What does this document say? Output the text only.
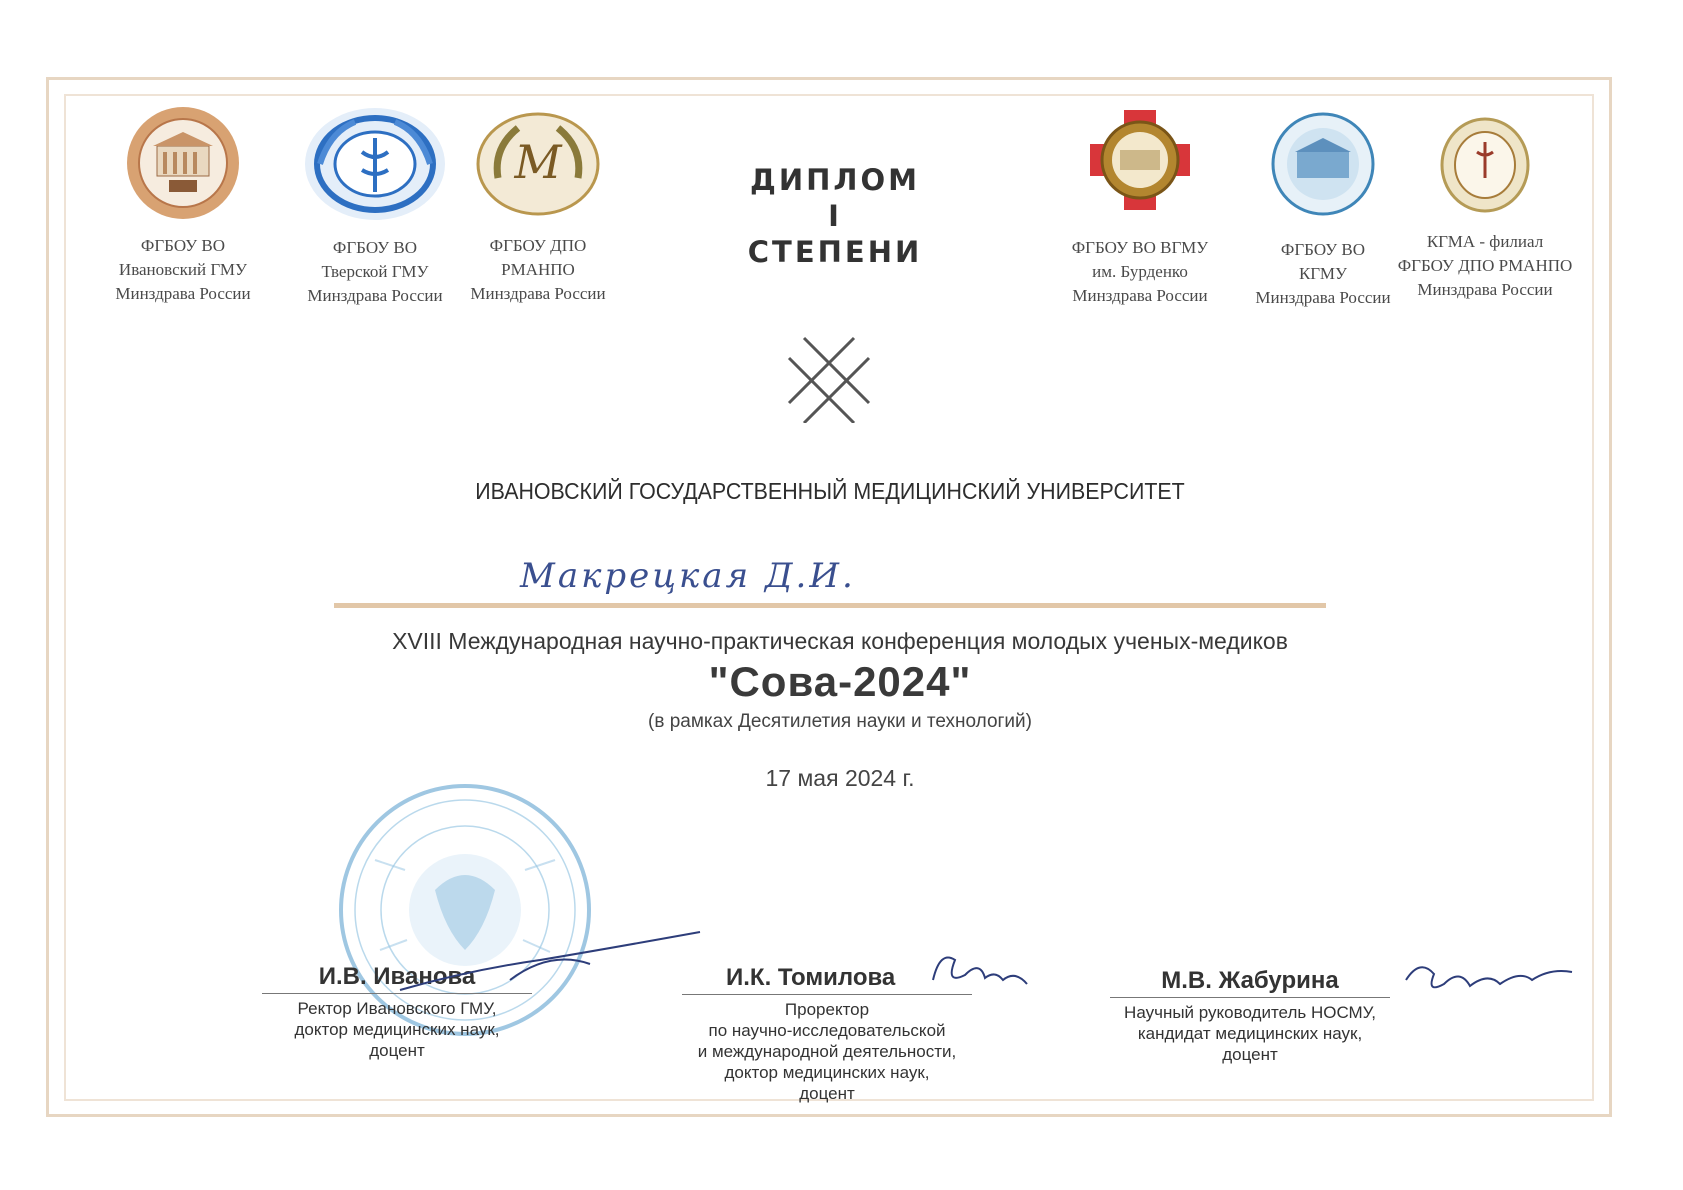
ФГБОУ ВО
Ивановский ГМУ
Минздрава России
ФГБОУ ВО
Тверской ГМУ
Минздрава России
M
ФГБОУ ДПО
РМАНПО
Минздрава России
ФГБОУ ВО ВГМУ
им. Бурденко
Минздрава России
ФГБОУ ВО
КГМУ
Минздрава России
КГМА - филиал
ФГБОУ ДПО РМАНПО
Минздрава России
ДИПЛОМ
I СТЕПЕНИ
ИВАНОВСКИЙ ГОСУДАРСТВЕННЫЙ МЕДИЦИНСКИЙ УНИВЕРСИТЕТ
Макрецкая Д.И.
XVIII Международная научно-практическая конференция молодых ученых-медиков
"Сова-2024"
(в рамках Десятилетия науки и технологий)
17 мая 2024 г.
И.В. Иванова
Ректор Ивановского ГМУ,
доктор медицинских наук,
доцент
И.К. Томилова
Проректор
по научно-исследовательской
и международной деятельности,
доктор медицинских наук,
доцент
М.В. Жабурина
Научный руководитель НОСМУ,
кандидат медицинских наук,
доцент
